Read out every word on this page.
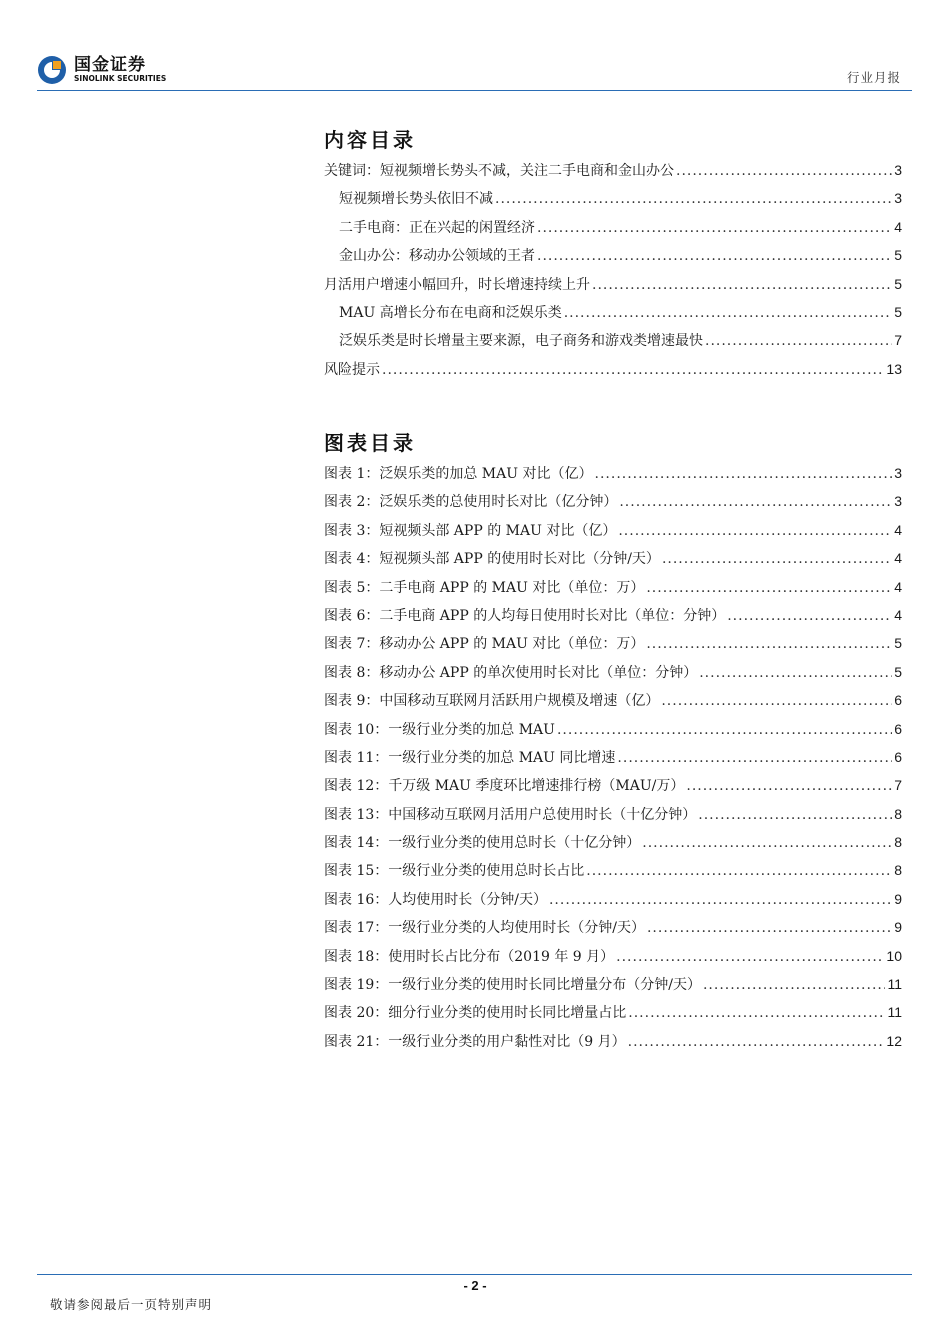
国金证券
SINOLINK SECURITIES	行业月报
内容目录
关键词：短视频增长势头不减，关注二手电商和金山办公 .....	3
短视频增长势头依旧不减 .....	3
二手电商：正在兴起的闲置经济 .....	4
金山办公：移动办公领域的王者 .....	5
月活用户增速小幅回升，时长增速持续上升 .....	5
MAU 高增长分布在电商和泛娱乐类 .....	5
泛娱乐类是时长增量主要来源，电子商务和游戏类增速最快 .....	7
风险提示 .....	13
图表目录
图表 1：泛娱乐类的加总 MAU 对比（亿） .....	3
图表 2：泛娱乐类的总使用时长对比（亿分钟） .....	3
图表 3：短视频头部 APP 的 MAU 对比（亿） .....	4
图表 4：短视频头部 APP 的使用时长对比（分钟/天） .....	4
图表 5：二手电商 APP 的 MAU 对比（单位：万） .....	4
图表 6：二手电商 APP 的人均每日使用时长对比（单位：分钟） .....	4
图表 7：移动办公 APP 的 MAU 对比（单位：万） .....	5
图表 8：移动办公 APP 的单次使用时长对比（单位：分钟） .....	5
图表 9：中国移动互联网月活跃用户规模及增速（亿） .....	6
图表 10：一级行业分类的加总 MAU .....	6
图表 11：一级行业分类的加总 MAU 同比增速 .....	6
图表 12：千万级 MAU 季度环比增速排行榜（MAU/万） .....	7
图表 13：中国移动互联网月活用户总使用时长（十亿分钟） .....	8
图表 14：一级行业分类的使用总时长（十亿分钟） .....	8
图表 15：一级行业分类的使用总时长占比 .....	8
图表 16：人均使用时长（分钟/天） .....	9
图表 17：一级行业分类的人均使用时长（分钟/天） .....	9
图表 18：使用时长占比分布（2019 年 9 月） .....	10
图表 19：一级行业分类的使用时长同比增量分布（分钟/天） .....	11
图表 20：细分行业分类的使用时长同比增量占比 .....	11
图表 21：一级行业分类的用户黏性对比（9 月） .....	12
- 2 -
敬请参阅最后一页特别声明
